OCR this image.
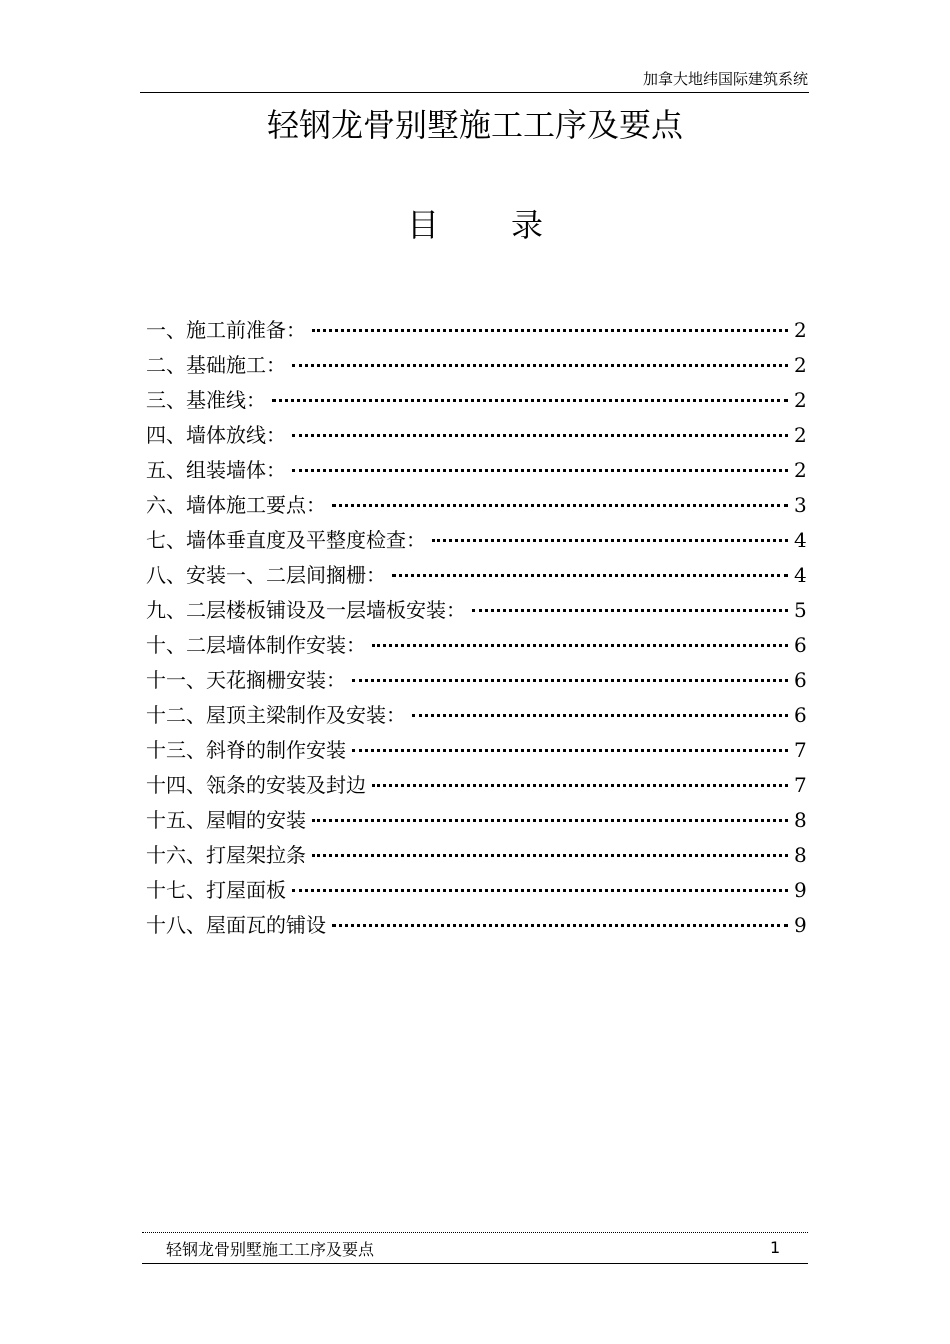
加拿大地纬国际建筑系统
轻钢龙骨别墅施工工序及要点
目录
一、施工前准备：	2
二、基础施工：	2
三、基准线：	2
四、墙体放线：	2
五、组装墙体：	2
六、墙体施工要点：	3
七、墙体垂直度及平整度检查：	4
八、安装一、二层间搁栅：	4
九、二层楼板铺设及一层墙板安装：	5
十、二层墙体制作安装：	6
十一、天花搁栅安装：	6
十二、屋顶主梁制作及安装：	6
十三、斜脊的制作安装	7
十四、瓴条的安装及封边	7
十五、屋帽的安装	8
十六、打屋架拉条	8
十七、打屋面板	9
十八、屋面瓦的铺设	9
轻钢龙骨别墅施工工序及要点	1
